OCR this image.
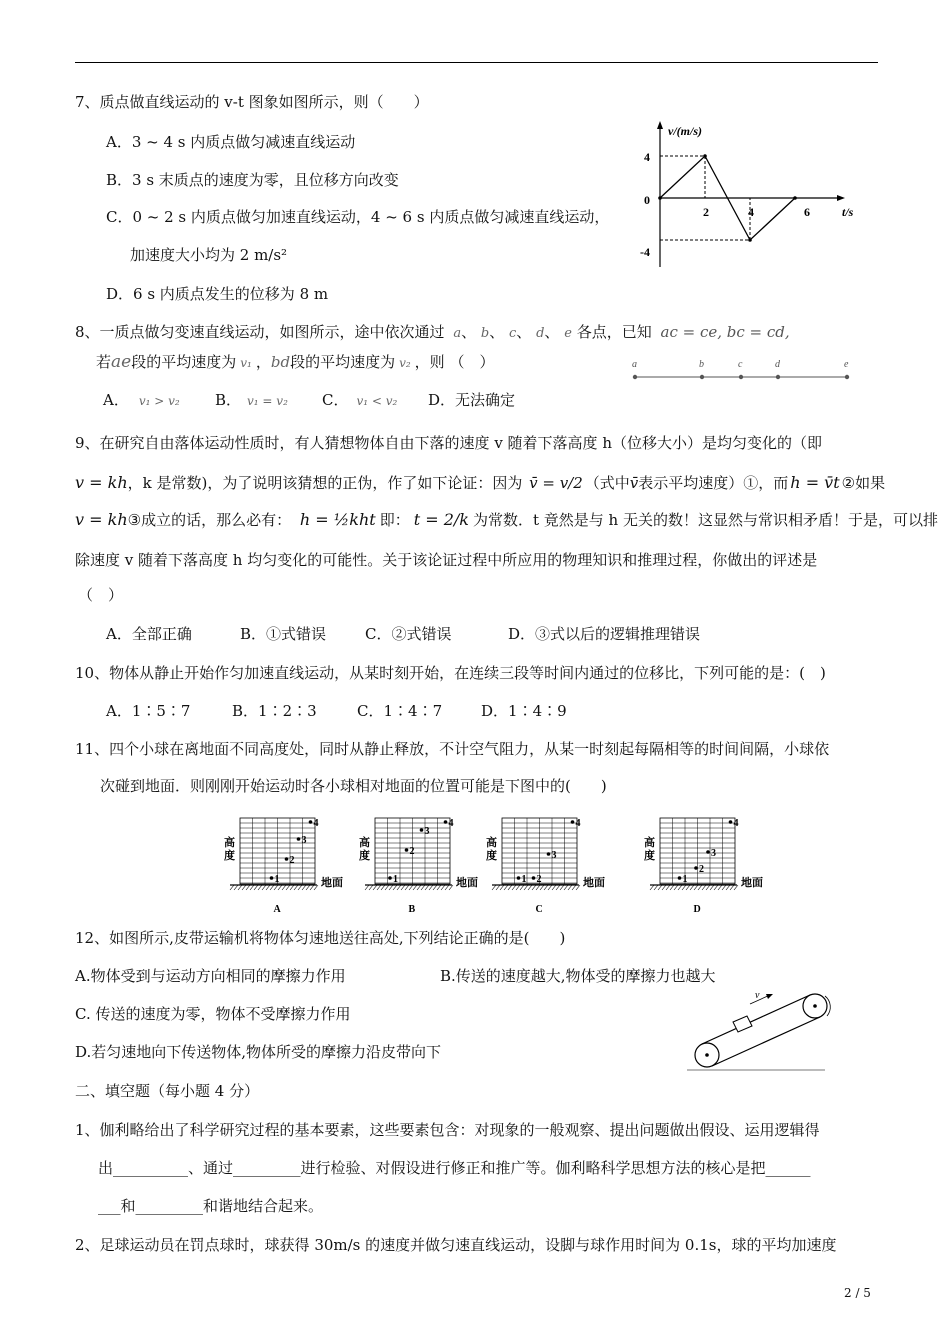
7、质点做直线运动的 v-t 图象如图所示，则（　　）
A．3 ~ 4 s 内质点做匀减速直线运动
B．3 s 末质点的速度为零，且位移方向改变
C．0 ~ 2 s 内质点做匀加速直线运动，4 ~ 6 s 内质点做匀减速直线运动，
加速度大小均为 2 m/s²
D．6 s 内质点发生的位移为 8 m
v/(m/s)
t/s
0
4
-4
2	4	6
8、一质点做匀变速直线运动，如图所示，途中依次通过 a、 b、 c、 d、 e 各点，已知 ac = ce, bc = cd,
若ae段的平均速度为 v₁ ，bd段的平均速度为 v₂ ，则 （　）
A． v₁ > v₂ B． v₁ = v₂ C． v₁ < v₂ D．无法确定
a	b	c	d	e
9、在研究自由落体运动性质时，有人猜想物体自由下落的速度 v 随着下落高度 h（位移大小）是均匀变化的（即
v = kh，k 是常数)，为了说明该猜想的正伪，作了如下论证：因为 v̄ = v/2 （式中v̄表示平均速度）①，而 h = v̄t ②如果
v = kh③成立的话，那么必有： h = ½kht 即： t = 2/k 为常数．t 竟然是与 h 无关的数！这显然与常识相矛盾！于是，可以排
除速度 v 随着下落高度 h 均匀变化的可能性。关于该论证过程中所应用的物理知识和推理过程，你做出的评述是
（　）
A．全部正确	B．①式错误	C．②式错误	D．③式以后的逻辑推理错误
10、物体从静止开始作匀加速直线运动，从某时刻开始，在连续三段等时间内通过的位移比，下列可能的是：(　)
A．1∶5∶7	B．1∶2∶3	C．1∶4∶7	D．1∶4∶9
11、四个小球在离地面不同高度处，同时从静止释放，不计空气阻力，从某一时刻起每隔相等的时间间隔，小球依
次碰到地面．则刚刚开始运动时各小球相对地面的位置可能是下图中的(　　)
高
度
地面
1
2
3
4
A
高
度
地面
1
2
3
4
B
高
度
地面
1 2
3
4
C
高
度
地面
1
2
3
4
D
12、如图所示,皮带运输机将物体匀速地送往高处,下列结论正确的是(　　)
A.物体受到与运动方向相同的摩擦力作用	B.传送的速度越大,物体受的摩擦力也越大
C. 传送的速度为零，物体不受摩擦力作用
D.若匀速地向下传送物体,物体所受的摩擦力沿皮带向下
v
二、填空题（每小题 4 分）
1、伽利略给出了科学研究过程的基本要素，这些要素包含：对现象的一般观察、提出问题做出假设、运用逻辑得
出__________、通过_________进行检验、对假设进行修正和推广等。伽利略科学思想方法的核心是把______
___和_________和谐地结合起来。
2、足球运动员在罚点球时，球获得 30m/s 的速度并做匀速直线运动，设脚与球作用时间为 0.1s，球的平均加速度
2 / 5
